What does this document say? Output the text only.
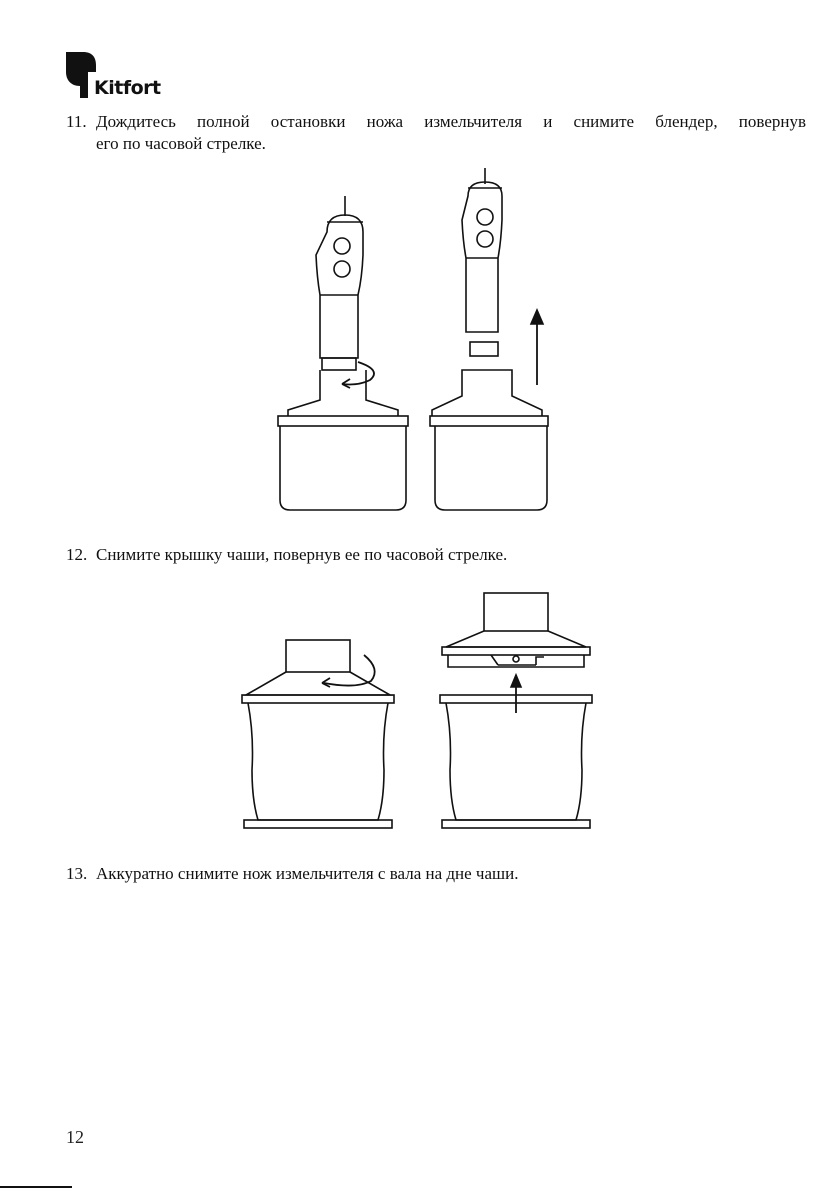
Kitfort
11. Дождитесь полной остановки ножа измельчителя и снимите блендер, повернув
его по часовой стрелке.

12. Снимите крышку чаши, повернув ее по часовой стрелке.

13. Аккуратно снимите нож измельчителя с вала на дне чаши.

12
